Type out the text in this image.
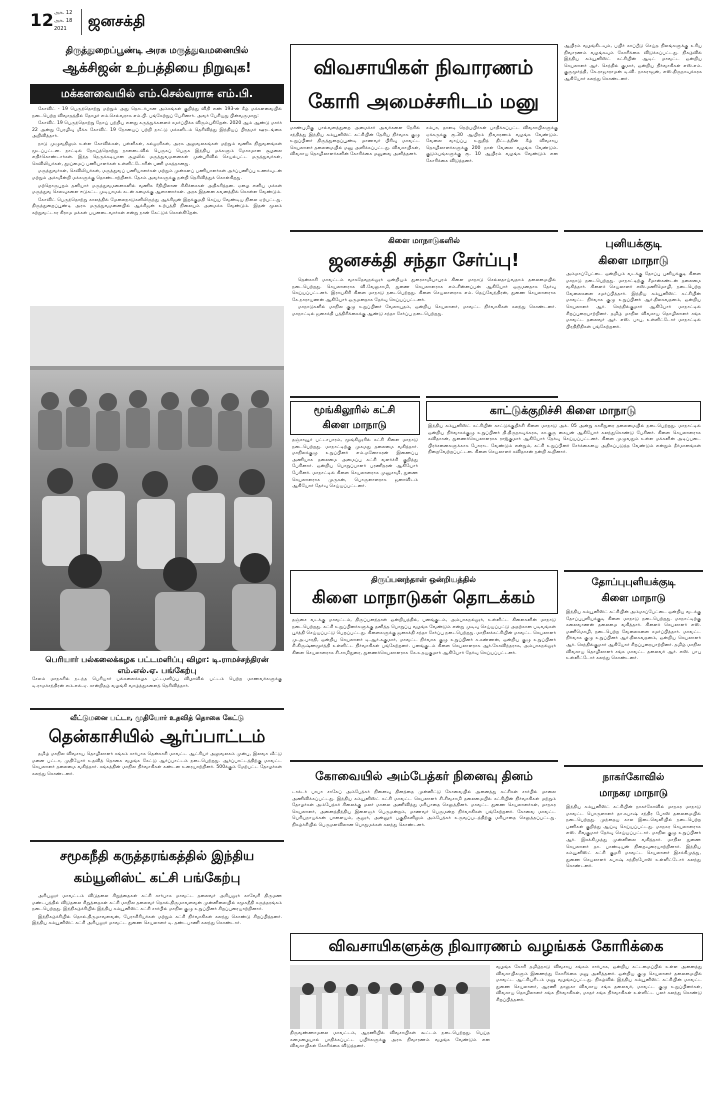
12 அக. 12
அக. 18
2021	ஜனசக்தி
திருத்துறைப்பூண்டி அரசு மருத்துவமனையில்
ஆக்சிஜன் உற்பத்தியை நிறுவுக!
மக்களவையில் எம்.செல்வராசு எம்.பி.

கோவிட் - 19 பெருந்தொற்று மற்றும் அது தொடர்பான அம்சங்கள் குறித்து விதி எண் 193-ன் கீழ் மக்களவையில் நடைபெற்ற விவாதத்தில் தோழர் எம்.செல்வராசு எம்.பி. பங்கேற்றுப் பேசினார். அவர் பேசியது பின்வருமாறு:

கோவிட் 19 பெருந்தொற்று நோய் பற்றிய எனது கருத்துக்களைச் சமர்ப்பிக்க விரும்புகிறேன். 2020 ஆம் ஆண்டு மார்ச் 22 அன்று பேரழிவு மிக்க கோவிட் 19 நோயைப் பற்றி நாட்டு மக்களிடம் தெரிவித்து இந்தியப் பிரதமர் ஊரடங்கை அறிவித்தார்.

நாடு முழுவதிலும் உள்ள கோவில்கள், பள்ளிகள், கல்லூரிகள், அரசு அலுவலகங்கள் மற்றும் வணிக நிறுவனங்கள் மூடப்பட்டன. நாட்டில் நோய்த்தொற்று நாளடைவில் பெருகப் பெருக இந்திய மக்களும் மோசமான சூழலை எதிர்கொண்டார்கள். இந்த நெருக்கடியான சூழலில் மருத்துவமனைகள் முன்புரிவில் செயல்பட்ட மருத்துவர்கள், செவிலியர்கள், தூய்மைப் பணியாளர்கள் உள்ளிட்டோரின் பணி மகத்தானது.

மருத்துவர்கள், செவிலியர்கள், மருத்துவப் பணியாளர்கள் மற்றும் முன்களப் பணியாளர்கள் அர்ப்பணிப்பு உணர்வுடன் மற்றும் அச்சமின்றி மக்களுக்கு தொண்டாற்றினர். தேசம் அவர்களுக்கு நன்றி தெரிவித்துக் கொள்கிறது.

மற்றொருபுறம் தனியார் மருத்துவமனைகளில் வணிக ரீதியிலான சிகிச்சைகள் அதிகரித்தன. ஏழை எளிய மக்கள் மருத்துவ செலவுகளை ஈடுகட்ட முடியாமல் கடன் சுமைக்கு ஆளானார்கள். அரசு இதனை கவனத்தில் கொள்ள வேண்டும்.

கோவிட் பெருந்தொற்று காலத்தில் மேலைநாடுகளிலிருந்து ஆக்சிஜன் இறக்குமதி செய்ய வேண்டிய நிலை ஏற்பட்டது. திருத்துறைப்பூண்டி அரசு மருத்துவமனையில் ஆக்சிஜன் உற்பத்தி நிலையம் அமைக்க வேண்டும். இதன் மூலம் சுற்றுவட்டார கிராம மக்கள் பயனடைவார்கள் என்று நான் கேட்டுக் கொள்கிறேன்.

பெரியார் பல்கலைக்கழக பட்டமளிப்பு விழா: டி.ராமச்சந்திரன் எம்.எல்.ஏ. பங்கேற்பு
சேலம் மாநகரில் நடந்த பெரியார் பல்கலைக்கழக பட்டமளிப்பு விழாவில் பட்டம் பெற்ற மாணவர்களுக்கு டி.ராமச்சந்திரன் எம்.எல்.ஏ. சான்றிதழ் வழங்கி வாழ்த்துகளைத் தெரிவித்தார்.
வீட்டுமனை பட்டா, முதியோர் உதவித் தொகை கேட்டு
தென்காசியில் ஆர்ப்பாட்டம்

தமிழ் மாநில விவசாய தொழிலாளர் சங்கம் சார்பாக தென்காசி மாவட்ட ஆட்சியர் அலுவலகம் முன்பு, இலவச வீட்டு மனை பட்டா, முதியோர் உதவித் தொகை வழங்க கேட்டு ஆர்ப்பாட்டம் நடைபெற்றது. ஆர்ப்பாட்டத்திற்கு மாவட்ட செயலாளர் தலைமை வகித்தார். சங்கத்தின் மாநில நிர்வாகிகள் கண்டன உரையாற்றினர். 500க்கும் மேற்பட்ட தோழர்கள் கலந்து கொண்டனர்.

சமூகநீதி கருத்தரங்கத்தில் இந்திய
கம்யூனிஸ்ட் கட்சி பங்கேற்பு

அரியலூர் மாவட்டம் விடுதலை சிறுத்தைகள் கட்சி சார்பாக மாவட்ட தலைவர் அரியலூர் காவேரி திருமண மண்டபத்தில் விடுதலை சிறுத்தைகள் கட்சி மாநில தலைவர் தொல்.திருமாவளவன் முன்னிலையில் சமூகநீதி கருத்தரங்கம் நடைபெற்றது. இந்நிகழ்ச்சியில் இந்திய கம்யூனிஸ்ட் கட்சி சார்பில் மாநில குழு உறுப்பினர் சிறப்புரையாற்றினார்.

இந்நிகழ்ச்சியில் தொல்.திருமாவளவன், பேராசிரியர்கள் மற்றும் கட்சி நிர்வாகிகள் கலந்து கொண்டு சிறப்பித்தனர். இந்திய கம்யூனிஸ்ட் கட்சி அரியலூர் மாவட்ட துணை செயலாளர் டி. தண்டபாணி கலந்து கொண்டார்.

விவசாயிகள் நிவாரணம்
கோரி அமைச்சரிடம் மனு
மாண்புமிகு பால்வளத்துறை அமைச்சர் அவர்களை நேரில் சந்தித்து இந்திய கம்யூனிஸ்ட் கட்சியின் தேசிய நிர்வாக குழு உறுப்பினர் திருத்துறைப்பூண்டி மாணவர் பிரிவு மாவட்ட செயலாளர் தலைமையில் மனு அளிக்கப்பட்டது. விவசாயிகள், விவசாய தொழிலாளர்களின் கோரிக்கை மனுவை அளித்தனர்.
சம்பா, தாளடி நெற்பயிர்கள் பாதிக்கப்பட்ட விவசாயிகளுக்கு ஏக்கருக்கு ரூ.30 ஆயிரம் நிவாரணம் வழங்க வேண்டும். வேலை வாய்ப்பு உறுதித் திட்டத்தின் கீழ் விவசாய தொழிலாளர்களுக்கு 200 நாள் வேலை வழங்க வேண்டும். குடும்பங்களுக்கு ரூ. 10 ஆயிரம் வழங்க வேண்டும் என கோரிக்கை விடுத்தனர்.
ஆயிரம் வழங்கிடவும், பயிர் காப்பீடு செய்த நிலங்களுக்கு உரிய நிவாரணம் வழங்கவும் கோரிக்கை விடுக்கப்பட்டது. நிகழ்வில் இந்திய கம்யூனிஸ்ட் கட்சியின் ஆடிட் மாவட்ட ஒன்றிய செயலாளர் ஆர். செந்தில் குமார், ஒன்றிய நிர்வாகிகள் எஸ்.எம். குருமூர்த்தி, கே.ராஜாராமன் டி.வி. நாகராஜன், எஸ்.திருநாவுக்கரசு ஆகியோர் கலந்து கொண்டனர்.
கிளை மாநாடுகளில்
ஜனசக்தி சந்தா சேர்ப்பு!

தென்காசி மாவட்டம் வாசுதேவநல்லூர் ஒன்றியம் துரைசாமியாபுரம் கிளை மாநாடு செல்லதாய்வதாம் தலைமையில் நடைபெற்றது. செயலாளராக வி.வேலுசாமி, துணை செயலாளராக எம்.சின்னப்பன் ஆகியோர் ஒருமனதாக தேர்வு செய்யப்பட்டனர். இராயகிரி கிளை மாநாடு நடைபெற்றது. கிளை செயலாளராக எம். தெய்வேந்திரன், துணை செயலாளராக கே.நாராயணன் ஆகியோர் ஒருமனதாக தேர்வு செய்யப்பட்டனர்.

மாநாடுகளில் மாநில குழு உறுப்பினர் வேலாயுதம், ஒன்றிய செயலாளர், மாவட்ட நிர்வாகிகள் கலந்து கொண்டனர். மாநாட்டில் ஜனசக்தி பத்திரிக்கைக்கு ஆண்டு சந்தா சேர்ப்பு நடைபெற்றது.

புனியக்குடி
கிளை மாநாடு
அம்மாப்பேட்டை ஒன்றியம் வடக்கு தோப்பு புனியக்குடி கிளை மாநாடு நடைபெற்றது. மாநாட்டிற்கு சீமான்கண்டன் தலைமை வகித்தார். கிளைச் செயலாளர் எஸ்.மணிமொழி, நடைபெற்ற வேலைகளை சமர்ப்பித்தார். இந்திய கம்யூனிஸ்ட் கட்சியின் மாவட்ட நிர்வாக குழு உறுப்பினர் ஆர்.திலகவதனம், ஒன்றிய செயலாளர் ஆர். செந்தில்குமார் ஆகியோர் மாநாட்டில் சிறப்புரையாற்றினர். தமிழ் மாநில விவசாய தொழிலாளர் சங்க மாவட்ட தலைவர் ஆர். எஸ். பாபு, உள்ளிட்டோர் மாநாட்டில் பிரதிநிதிகள் பங்கேற்றனர்.
மூங்கிலூரில் கட்சி
கிளை மாநாடு
தஞ்சாவூர் பட்டாபாரம், மூங்கிலூரில் கட்சி கிளை மாநாடு நடைபெற்றது. மாநாட்டிற்கு முகமது தலைமை வகித்தார். மாநிலக்குழு உறுப்பினர் எம்.மனோகரன் இணைப்பு அணியாக தலைமை அமைப்பு கட்சி வளர்ச்சி குறித்து பேசினார். ஒன்றிய பொறுப்பாளர் பரணிதரன் ஆகியோர் பேசினர். மாநாட்டில் கிளை செயலாளராக முனுசாமி, துணை செயலாளராக முருகன், பொருளாளராக ஜனாவிடம் ஆகியோர் தேர்வு செய்யப்பட்டனர்.
காட்டுக்குறிச்சி கிளை மாநாடு
இந்திய கம்யூனிஸ்ட் கட்சியின் காட்டுக்குறிச்சி கிளை மாநாடு அக். 05 அன்று காசிதுரை தலைமையில் நடைபெற்றது. மாநாட்டில் ஒன்றிய நிர்வாகக்குழு உறுப்பினர் தி.திருநாவுக்கரசு, கா.குரு கையன் ஆகியோர் கலந்துகொண்டு பேசினர். கிளை செயலாளராக கவிதாசன், துணைச்செயலாளராக ராஜ்குமார் ஆகியோர் தேர்வு செய்யப்பட்டனர். கிளை முழுவதும் உள்ள மக்களின் அடிப்படை பிரச்சனைகளுக்காக போராட வேண்டும் என்றும், கட்சி உறுப்பினர் சேர்க்கையை அதிகப்படுத்த வேண்டும் என்றும் தீர்மானங்கள் நிறைவேற்றப்பட்டன. கிளை செயலாளர் கவிதாசன் நன்றி கூறினார்.
திருப்பனந்தாள் ஒன்றியத்தில்
கிளை மாநாடுகள் தொடக்கம்
தஞ்சை வடக்கு மாவட்டம், திருப்பனந்தாள் ஒன்றியத்தில், பனங்குடம், அம்பாகநல்லூர், உள்ளிட்ட கிளைகளின் மாநாடு நடைபெற்றது. கட்சி உறுப்பினர்களுக்கு தனித்த பொறுப்பு வழங்க வேண்டும் என்று முடிவு செய்யப்பட்டு அதற்கான படிவங்கள் பூர்த்தி செய்யப்பட்டு பெறப்பட்டது. கிளைகளுக்கு ஜனசக்தி சந்தா சேர்ப்பு நடைபெற்றது. மாநிலக்கட்சியின் மாவட்ட செயலாளர் மு.அ.பாரதி, ஒன்றிய செயலாளர் டி.ஆர்.சுகுமார், மாவட்ட நிர்வாக குழு உறுப்பினர் க.கண்ணன், ஒன்றிய குழு உறுப்பினர் சி.கிருஷ்ணமூர்த்தி உள்ளிட்ட நிர்வாகிகள் பங்கேற்றனர். பனங்குடம் கிளை செயலாளராக ஆர்.கோவிந்தராசு, அம்பாகநல்லூர் கிளை செயலாளராக சி.சாமிதுரை, துணைச்செயலாளராக கே.உதயகுமார் ஆகியோர் தேர்வு செய்யப்பட்டனர்.
தோப்புபுளியக்குடி
கிளை மாநாடு
இந்திய கம்யூனிஸ்ட் கட்சியின் அம்மாப்பேட்டை ஒன்றிய வடக்கு தோப்புபுளியக்குடி கிளை மாநாடு நடைபெற்றது. மாநாட்டிற்கு கலைவாணன் தலைமை வகித்தார். கிளைச் செயலாளர் எஸ். மணிமொழி, நடைபெற்ற வேலைகளை சமர்ப்பித்தார். மாவட்ட நிர்வாக குழு உறுப்பினர் ஆர்.திலகவதனம், ஒன்றிய செயலாளர் ஆர். செந்தில்குமார் ஆகியோர் சிறப்புரையாற்றினர். தமிழ் மாநில விவசாய தொழிலாளர் சங்க மாவட்ட தலைவர் ஆர். எஸ். பாபு உள்ளிட்டோர் கலந்து கொண்டனர்.
கோவையில் அம்பேத்கர் நினைவு தினம்
டாக்டர் பாபா சாகேப் அம்பேத்கர் நினைவு தினத்தை முன்னிட்டு கோவையில் அனைத்து கட்சிகள் சார்பில் மாலை அணிவிக்கப்பட்டது. இந்திய கம்யூனிஸ்ட் கட்சி மாவட்ட செயலாளர் சி.சிவசாமி தலைமையில் கட்சியின் நிர்வாகிகள் மற்றும் தோழர்கள் அம்பேத்கர் சிலைக்கு மலர் மாலை அணிவித்து மரியாதை செலுத்தினர். மாவட்ட துணை செயலாளர்கள், மாநகர செயலாளர், அனைத்திந்திய இளைஞர் பெருமன்றம், மாணவர் பெருமன்ற நிர்வாகிகள் பங்கேற்றனர். கோவை மாவட்ட பெரியநாயக்கன் பாளையம், சூலூர், அன்னூர் பகுதிகளிலும் அம்பேத்கர் உருவப்படத்திற்கு மரியாதை செலுத்தப்பட்டது. நிகழ்ச்சியில் பெருமளவிலான பொதுமக்கள் கலந்து கொண்டனர்.
நாகர்கோவில்
மாநகர மாநாடு
இந்திய கம்யூனிஸ்ட் கட்சியின் நாகர்கோவில் மாநகர மாநாடு மாவட்ட பொருளாளர் தா.சுபாஷ் சந்திர போஸ் தலைமையில் நடைபெற்றது. முந்தைய கால இடைவெளியில் நடைபெற்ற பணிகள் குறித்து ஆய்வு செய்யப்பட்டது. மாநகர செயலாளராக எஸ். சிவகுமார் தேர்வு செய்யப்பட்டார். மாநில குழு உறுப்பினர் ஆர். இசக்கிமுத்து முன்னிலை வகித்தார். மாநில துணை செயலாளர் தா. பாண்டியன் நிறைவுரையாற்றினார். இந்திய கம்யூனிஸ்ட் கட்சி குமரி மாவட்ட செயலாளர் இசக்கிமுத்து, துணை செயலாளர் சுபாஷ் சந்திரபோஸ் உள்ளிட்டோர் கலந்து கொண்டனர்.
விவசாயிகளுக்கு நிவாரணம் வழங்கக் கோரிக்கை
திருவண்ணாமலை மாவட்டம், ஆரணியில் விவசாயிகள் கூட்டம் நடைபெற்றது. பெய்த கனமழையால் பாதிக்கப்பட்ட பயிர்களுக்கு அரசு நிவாரணம் வழங்க வேண்டும் என விவசாயிகள் கோரிக்கை விடுத்தனர்.
வழங்க கோரி தமிழ்நாடு விவசாய சங்கம் சார்பாக, ஒன்றிய கட்டமைப்பில் உள்ள அனைத்து விவசாயிகளும் இணைந்து கோரிக்கை மனு அளித்தனர். ஒன்றிய குழு செயலாளர் தலைமையில் மாவட்ட ஆட்சியரிடம் மனு வழங்கப்பட்டது. நிகழ்வில் இந்திய கம்யூனிஸ்ட் கட்சியின் மாவட்ட துணை செயலாளர், ஆரணி தாலுகா விவசாய சங்க தலைவர், மாவட்ட குழு உறுப்பினர்கள், விவசாய தொழிலாளர் சங்க நிர்வாகிகள், மாதர் சங்க நிர்வாகிகள் உள்ளிட்ட பலர் கலந்து கொண்டு சிறப்பித்தனர்.
